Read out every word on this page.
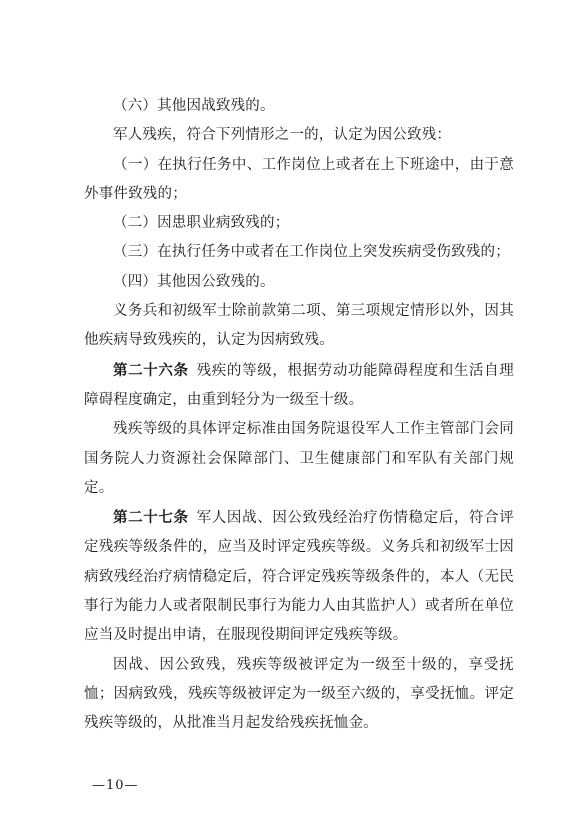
（六）其他因战致残的。

军人残疾，符合下列情形之一的，认定为因公致残：

（一）在执行任务中、工作岗位上或者在上下班途中，由于意外事件致残的；

（二）因患职业病致残的；

（三）在执行任务中或者在工作岗位上突发疾病受伤致残的；

（四）其他因公致残的。

义务兵和初级军士除前款第二项、第三项规定情形以外，因其他疾病导致残疾的，认定为因病致残。

第二十六条 残疾的等级，根据劳动功能障碍程度和生活自理障碍程度确定，由重到轻分为一级至十级。

残疾等级的具体评定标准由国务院退役军人工作主管部门会同国务院人力资源社会保障部门、卫生健康部门和军队有关部门规定。

第二十七条 军人因战、因公致残经治疗伤情稳定后，符合评定残疾等级条件的，应当及时评定残疾等级。义务兵和初级军士因病致残经治疗病情稳定后，符合评定残疾等级条件的，本人（无民事行为能力人或者限制民事行为能力人由其监护人）或者所在单位应当及时提出申请，在服现役期间评定残疾等级。

因战、因公致残，残疾等级被评定为一级至十级的，享受抚恤；因病致残，残疾等级被评定为一级至六级的，享受抚恤。评定残疾等级的，从批准当月起发给残疾抚恤金。

—10—
